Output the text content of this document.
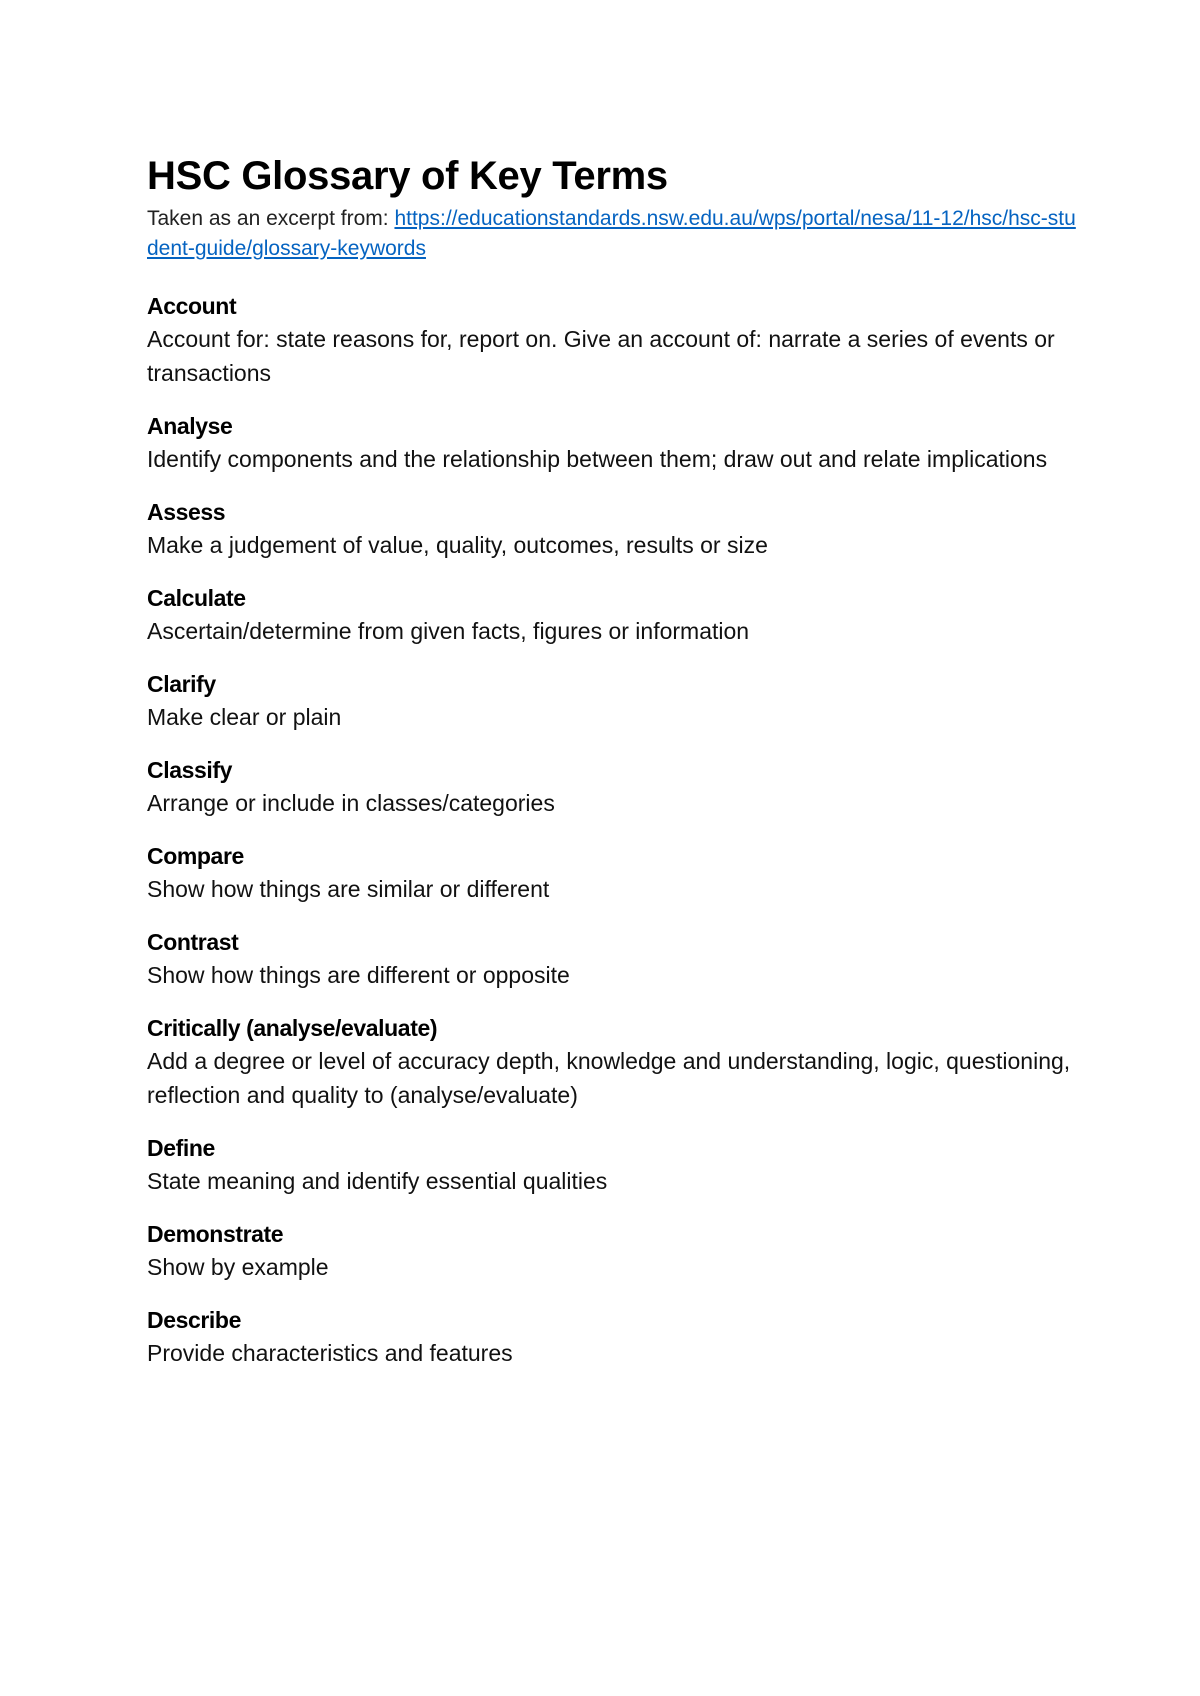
HSC Glossary of Key Terms

Taken as an excerpt from: https://educationstandards.nsw.edu.au/wps/portal/nesa/11-12/hsc/hsc-student-guide/glossary-keywords

Account

Account for: state reasons for, report on. Give an account of: narrate a series of events or transactions

Analyse

Identify components and the relationship between them; draw out and relate implications

Assess

Make a judgement of value, quality, outcomes, results or size

Calculate

Ascertain/determine from given facts, figures or information

Clarify

Make clear or plain

Classify

Arrange or include in classes/categories

Compare

Show how things are similar or different

Contrast

Show how things are different or opposite

Critically (analyse/evaluate)

Add a degree or level of accuracy depth, knowledge and understanding, logic, questioning, reflection and quality to (analyse/evaluate)

Define

State meaning and identify essential qualities

Demonstrate

Show by example

Describe

Provide characteristics and features
